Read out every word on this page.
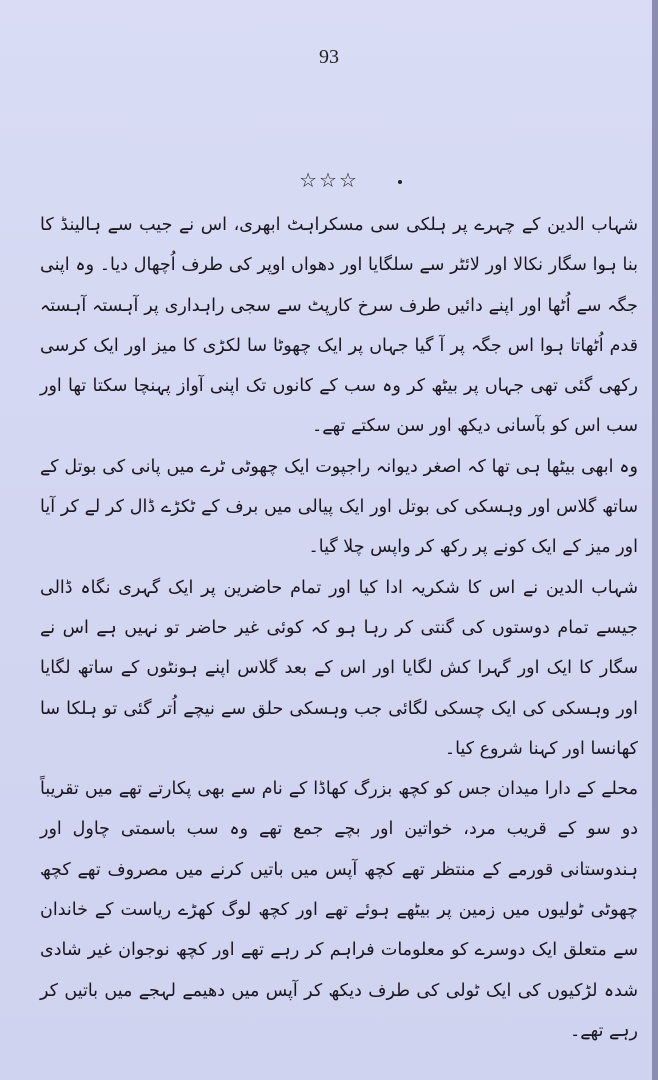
93
☆☆☆

شہاب الدین کے چہرے پر ہلکی سی مسکراہٹ ابھری، اس نے جیب سے ہالینڈ کا بنا ہوا سگار نکالا اور لائٹر سے سلگایا اور دھواں اوپر کی طرف اُچھال دیا۔ وہ اپنی جگہ سے اُٹھا اور اپنے دائیں طرف سرخ کارپٹ سے سجی راہداری پر آہستہ آہستہ قدم اُٹھاتا ہوا اس جگہ پر آ گیا جہاں پر ایک چھوٹا سا لکڑی کا میز اور ایک کرسی رکھی گئی تھی جہاں پر بیٹھ کر وہ سب کے کانوں تک اپنی آواز پہنچا سکتا تھا اور سب اس کو بآسانی دیکھ اور سن سکتے تھے۔

وہ ابھی بیٹھا ہی تھا کہ اصغر دیوانہ راجپوت ایک چھوٹی ٹرے میں پانی کی بوتل کے ساتھ گلاس اور وہسکی کی بوتل اور ایک پیالی میں برف کے ٹکڑے ڈال کر لے کر آیا اور میز کے ایک کونے پر رکھ کر واپس چلا گیا۔

شہاب الدین نے اس کا شکریہ ادا کیا اور تمام حاضرین پر ایک گہری نگاہ ڈالی جیسے تمام دوستوں کی گنتی کر رہا ہو کہ کوئی غیر حاضر تو نہیں ہے اس نے سگار کا ایک اور گہرا کش لگایا اور اس کے بعد گلاس اپنے ہونٹوں کے ساتھ لگایا اور وہسکی کی ایک چسکی لگائی جب وہسکی حلق سے نیچے اُتر گئی تو ہلکا سا کھانسا اور کہنا شروع کیا۔

محلے کے دارا میدان جس کو کچھ بزرگ کھاڈا کے نام سے بھی پکارتے تھے میں تقریباً دو سو کے قریب مرد، خواتین اور بچے جمع تھے وہ سب باسمتی چاول اور ہندوستانی قورمے کے منتظر تھے کچھ آپس میں باتیں کرنے میں مصروف تھے کچھ چھوٹی ٹولیوں میں زمین پر بیٹھے ہوئے تھے اور کچھ لوگ کھڑے ریاست کے خاندان سے متعلق ایک دوسرے کو معلومات فراہم کر رہے تھے اور کچھ نوجوان غیر شادی شدہ لڑکیوں کی ایک ٹولی کی طرف دیکھ کر آپس میں دھیمے لہجے میں باتیں کر رہے تھے۔
